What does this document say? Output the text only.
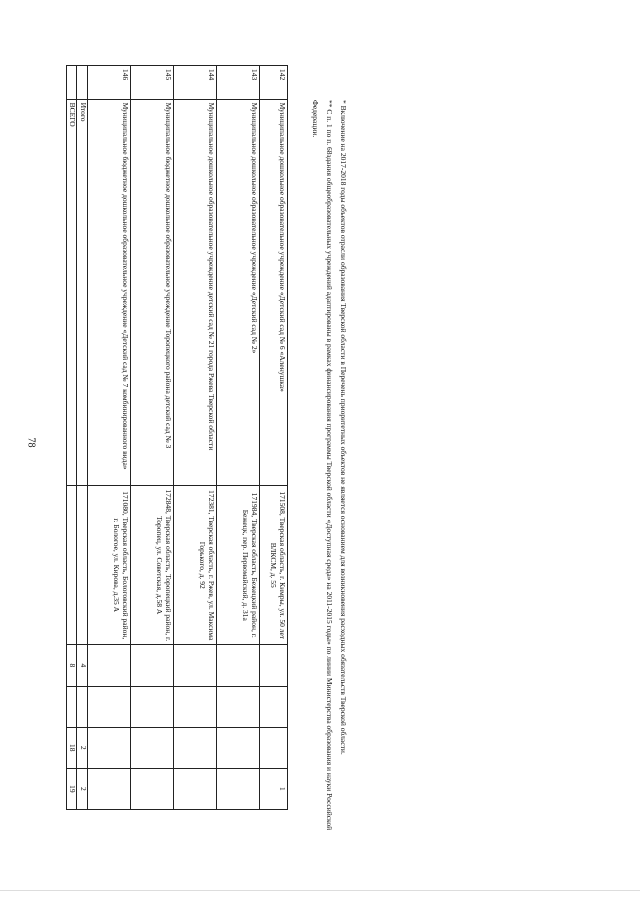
78
142	Муниципальное дошкольное образовательное учреждение «Детский сад № 6 «Аленушка»	171508, Тверская область, г. Кимры, ул. 50 лет ВЛКСМ, д. 55				1
143	Муниципальное дошкольное образовательное учреждение «Детский сад № 2»	171984, Тверская область, Бежецкий район, г. Бежецк, пер. Первомайский, д. 31а				
144	Муниципальное дошкольное образовательное учреждение детский сад № 21 города Ржева Тверской области	172381, Тверская область, г. Ржев, ул. Максима Горького, д. 92				
145	Муниципальное бюджетное дошкольное образовательное учреждение Торопецкого района детский сад № 3	172848, Тверская область, Торопецкий район, г. Торопец, ул. Советская, д.58 А				
146	Муниципальное бюджетное дошкольное образовательное учреждение «Детский сад № 7 комбинированного вида»	171080, Тверская область, Бологовский район, г. Бологое, ул. Кирова, д.35 А				
	Итого		4		2	2
	ВСЕГО		8		18	19

* Включение на 2017-2018 годы объектов отрасли образования Тверской области в Перечень приоритетных объектов не является основанием для возникновения расходных обязательств Тверской области.

** С п. 1 по п. 68здания общеобразовательных учреждений адаптированы в рамках финансирования программы Тверской области «Доступная среда» на 2011-2015 годы» по линии Министерства образования и науки Российской Федерации.
